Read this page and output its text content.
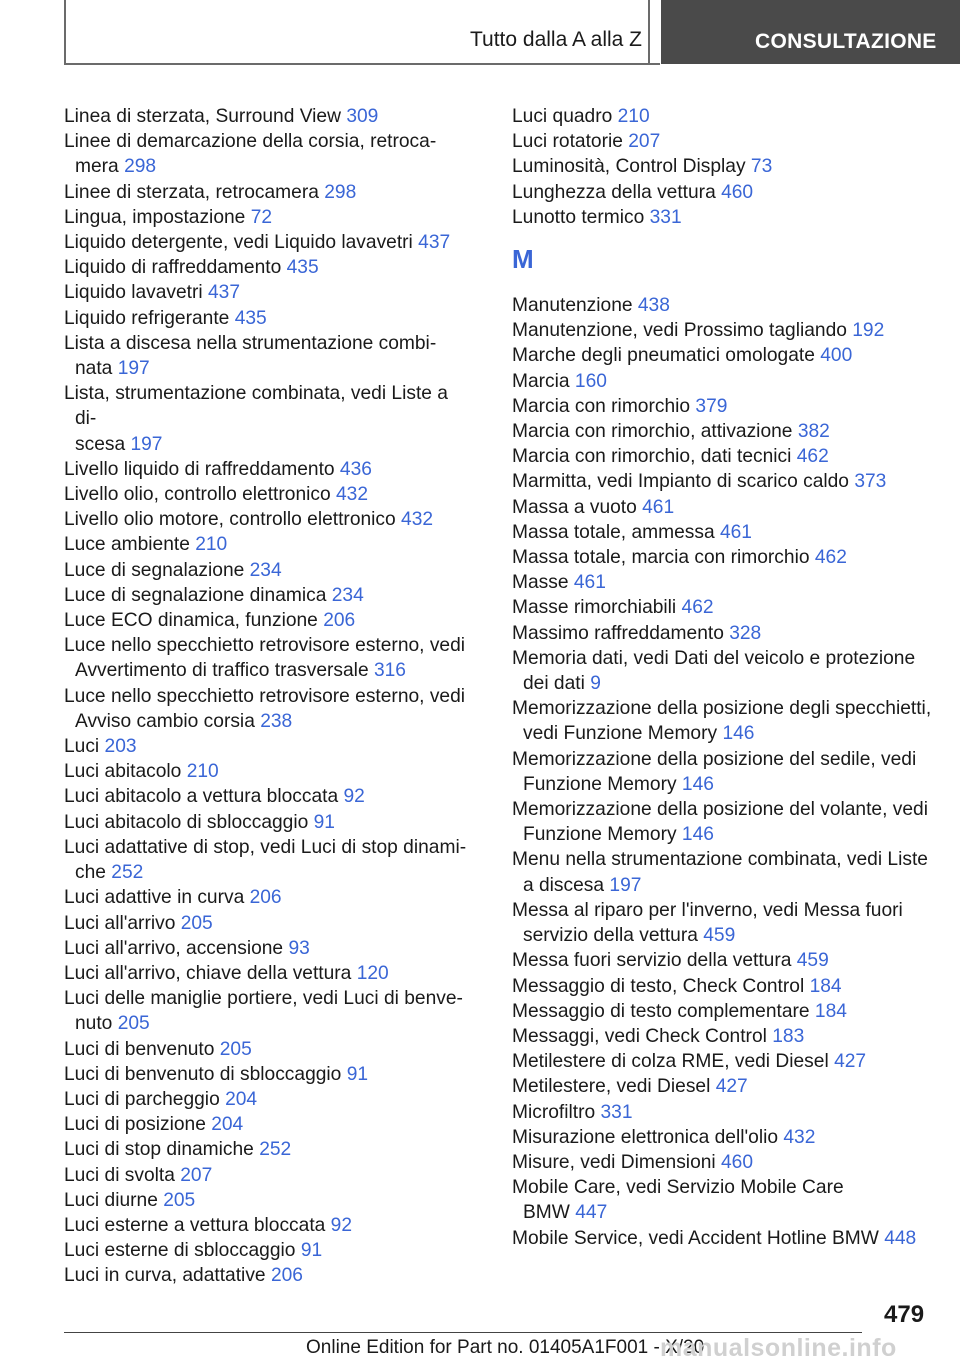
Tutto dalla A alla Z	CONSULTAZIONE
Linea di sterzata, Surround View 309
Linee di demarcazione della corsia, retroca-
mera 298
Linee di sterzata, retrocamera 298
Lingua, impostazione 72
Liquido detergente, vedi Liquido lavavetri 437
Liquido di raffreddamento 435
Liquido lavavetri 437
Liquido refrigerante 435
Lista a discesa nella strumentazione combi-
nata 197
Lista, strumentazione combinata, vedi Liste a di-
scesa 197
Livello liquido di raffreddamento 436
Livello olio, controllo elettronico 432
Livello olio motore, controllo elettronico 432
Luce ambiente 210
Luce di segnalazione 234
Luce di segnalazione dinamica 234
Luce ECO dinamica, funzione 206
Luce nello specchietto retrovisore esterno, vedi
Avvertimento di traffico trasversale 316
Luce nello specchietto retrovisore esterno, vedi
Avviso cambio corsia 238
Luci 203
Luci abitacolo 210
Luci abitacolo a vettura bloccata 92
Luci abitacolo di sbloccaggio 91
Luci adattative di stop, vedi Luci di stop dinami-
che 252
Luci adattive in curva 206
Luci all'arrivo 205
Luci all'arrivo, accensione 93
Luci all'arrivo, chiave della vettura 120
Luci delle maniglie portiere, vedi Luci di benve-
nuto 205
Luci di benvenuto 205
Luci di benvenuto di sbloccaggio 91
Luci di parcheggio 204
Luci di posizione 204
Luci di stop dinamiche 252
Luci di svolta 207
Luci diurne 205
Luci esterne a vettura bloccata 92
Luci esterne di sbloccaggio 91
Luci in curva, adattative 206
Luci quadro 210
Luci rotatorie 207
Luminosità, Control Display 73
Lunghezza della vettura 460
Lunotto termico 331
M
Manutenzione 438
Manutenzione, vedi Prossimo tagliando 192
Marche degli pneumatici omologate 400
Marcia 160
Marcia con rimorchio 379
Marcia con rimorchio, attivazione 382
Marcia con rimorchio, dati tecnici 462
Marmitta, vedi Impianto di scarico caldo 373
Massa a vuoto 461
Massa totale, ammessa 461
Massa totale, marcia con rimorchio 462
Masse 461
Masse rimorchiabili 462
Massimo raffreddamento 328
Memoria dati, vedi Dati del veicolo e protezione
dei dati 9
Memorizzazione della posizione degli specchietti,
vedi Funzione Memory 146
Memorizzazione della posizione del sedile, vedi
Funzione Memory 146
Memorizzazione della posizione del volante, vedi
Funzione Memory 146
Menu nella strumentazione combinata, vedi Liste
a discesa 197
Messa al riparo per l'inverno, vedi Messa fuori
servizio della vettura 459
Messa fuori servizio della vettura 459
Messaggio di testo, Check Control 184
Messaggio di testo complementare 184
Messaggi, vedi Check Control 183
Metilestere di colza RME, vedi Diesel 427
Metilestere, vedi Diesel 427
Microfiltro 331
Misurazione elettronica dell'olio 432
Misure, vedi Dimensioni 460
Mobile Care, vedi Servizio Mobile Care
BMW 447
Mobile Service, vedi Accident Hotline BMW 448
479
Online Edition for Part no. 01405A1F001 - X/20
manualsonline.info
